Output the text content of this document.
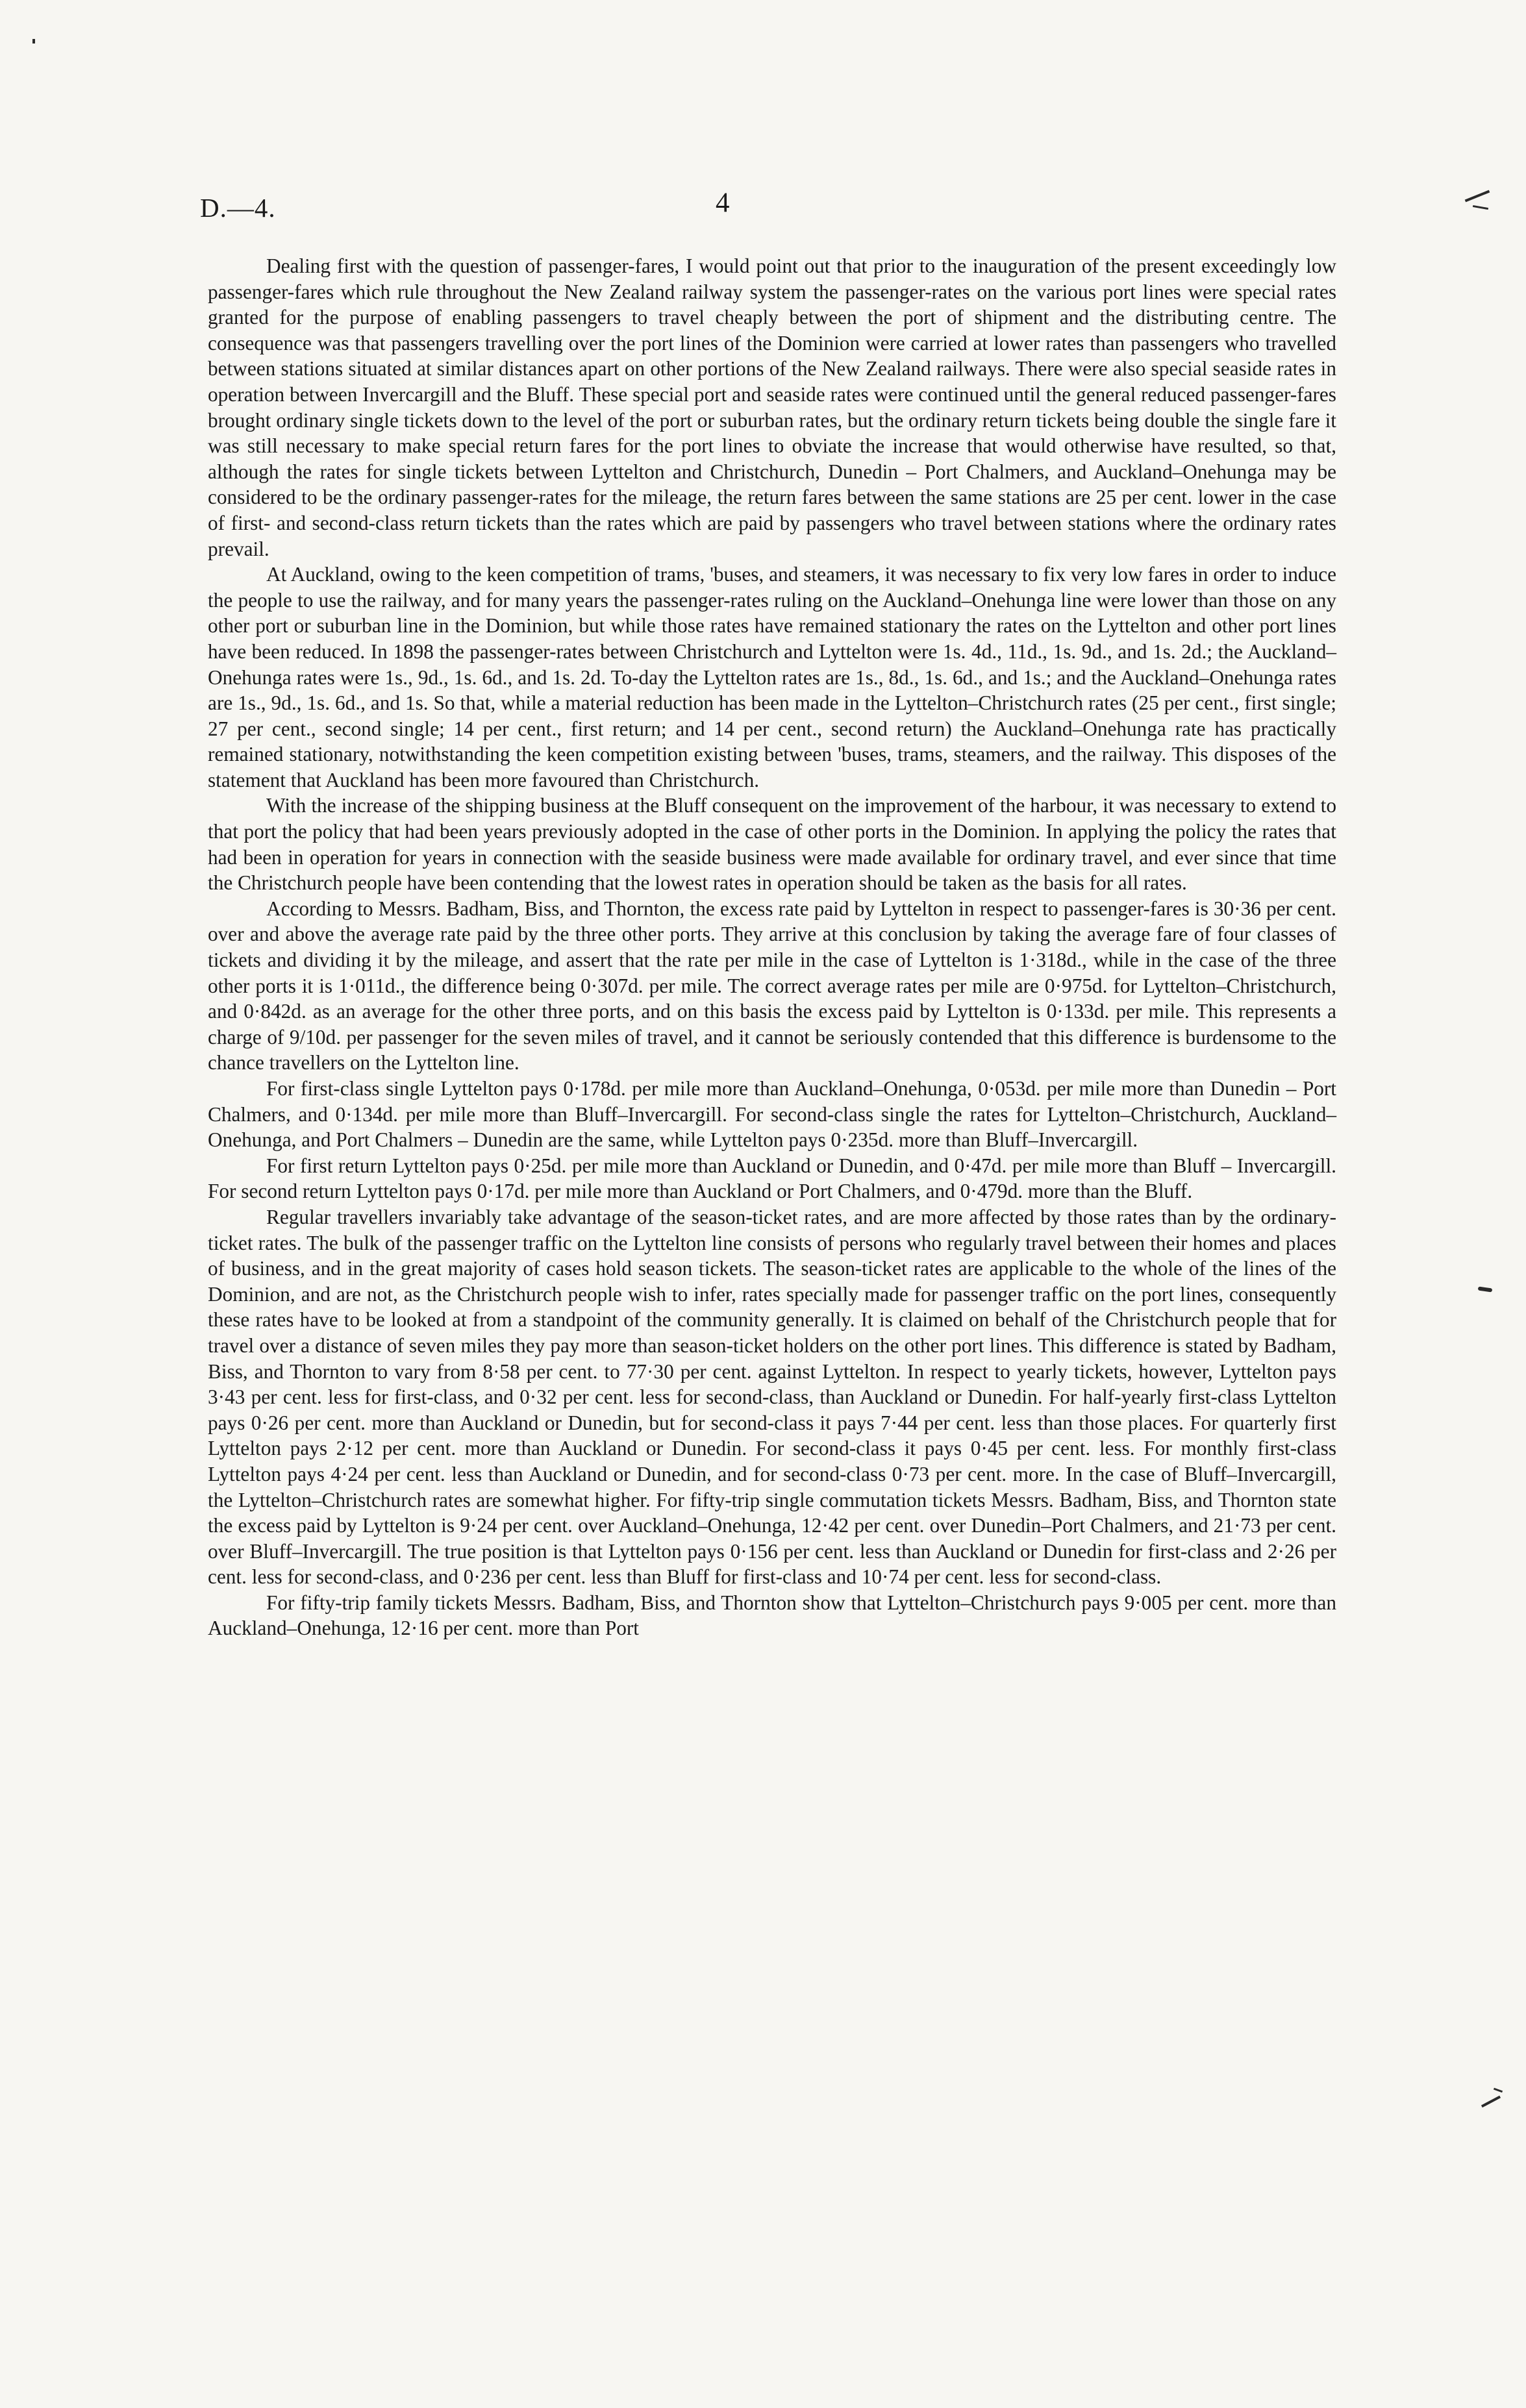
D.—4.	4

Dealing first with the question of passenger-fares, I would point out that prior to the inauguration of the present exceedingly low passenger-fares which rule throughout the New Zealand railway system the passenger-rates on the various port lines were special rates granted for the purpose of enabling passengers to travel cheaply between the port of shipment and the distributing centre. The consequence was that passengers travelling over the port lines of the Dominion were carried at lower rates than passengers who travelled between stations situated at similar distances apart on other portions of the New Zealand railways. There were also special seaside rates in operation between Invercargill and the Bluff. These special port and seaside rates were continued until the general reduced passenger-fares brought ordinary single tickets down to the level of the port or suburban rates, but the ordinary return tickets being double the single fare it was still necessary to make special return fares for the port lines to obviate the increase that would otherwise have resulted, so that, although the rates for single tickets between Lyttelton and Christchurch, Dunedin – Port Chalmers, and Auckland–Onehunga may be considered to be the ordinary passenger-rates for the mileage, the return fares between the same stations are 25 per cent. lower in the case of first- and second-class return tickets than the rates which are paid by passengers who travel between stations where the ordinary rates prevail.

At Auckland, owing to the keen competition of trams, 'buses, and steamers, it was necessary to fix very low fares in order to induce the people to use the railway, and for many years the passenger-rates ruling on the Auckland–Onehunga line were lower than those on any other port or suburban line in the Dominion, but while those rates have remained stationary the rates on the Lyttelton and other port lines have been reduced. In 1898 the passenger-rates between Christchurch and Lyttelton were 1s. 4d., 11d., 1s. 9d., and 1s. 2d.; the Auckland–Onehunga rates were 1s., 9d., 1s. 6d., and 1s. 2d. To-day the Lyttelton rates are 1s., 8d., 1s. 6d., and 1s.; and the Auckland–Onehunga rates are 1s., 9d., 1s. 6d., and 1s. So that, while a material reduction has been made in the Lyttelton–Christchurch rates (25 per cent., first single; 27 per cent., second single; 14 per cent., first return; and 14 per cent., second return) the Auckland–Onehunga rate has practically remained stationary, notwithstanding the keen competition existing between 'buses, trams, steamers, and the railway. This disposes of the statement that Auckland has been more favoured than Christchurch.

With the increase of the shipping business at the Bluff consequent on the improvement of the harbour, it was necessary to extend to that port the policy that had been years previously adopted in the case of other ports in the Dominion. In applying the policy the rates that had been in operation for years in connection with the seaside business were made available for ordinary travel, and ever since that time the Christchurch people have been contending that the lowest rates in operation should be taken as the basis for all rates.

According to Messrs. Badham, Biss, and Thornton, the excess rate paid by Lyttelton in respect to passenger-fares is 30·36 per cent. over and above the average rate paid by the three other ports. They arrive at this conclusion by taking the average fare of four classes of tickets and dividing it by the mileage, and assert that the rate per mile in the case of Lyttelton is 1·318d., while in the case of the three other ports it is 1·011d., the difference being 0·307d. per mile. The correct average rates per mile are 0·975d. for Lyttelton–Christchurch, and 0·842d. as an average for the other three ports, and on this basis the excess paid by Lyttelton is 0·133d. per mile. This represents a charge of 9/10d. per passenger for the seven miles of travel, and it cannot be seriously contended that this difference is burdensome to the chance travellers on the Lyttelton line.

For first-class single Lyttelton pays 0·178d. per mile more than Auckland–Onehunga, 0·053d. per mile more than Dunedin – Port Chalmers, and 0·134d. per mile more than Bluff–Invercargill. For second-class single the rates for Lyttelton–Christchurch, Auckland–Onehunga, and Port Chalmers – Dunedin are the same, while Lyttelton pays 0·235d. more than Bluff–Invercargill.

For first return Lyttelton pays 0·25d. per mile more than Auckland or Dunedin, and 0·47d. per mile more than Bluff – Invercargill. For second return Lyttelton pays 0·17d. per mile more than Auckland or Port Chalmers, and 0·479d. more than the Bluff.

Regular travellers invariably take advantage of the season-ticket rates, and are more affected by those rates than by the ordinary-ticket rates. The bulk of the passenger traffic on the Lyttelton line consists of persons who regularly travel between their homes and places of business, and in the great majority of cases hold season tickets. The season-ticket rates are applicable to the whole of the lines of the Dominion, and are not, as the Christchurch people wish to infer, rates specially made for passenger traffic on the port lines, consequently these rates have to be looked at from a standpoint of the community generally. It is claimed on behalf of the Christchurch people that for travel over a distance of seven miles they pay more than season-ticket holders on the other port lines. This difference is stated by Badham, Biss, and Thornton to vary from 8·58 per cent. to 77·30 per cent. against Lyttelton. In respect to yearly tickets, however, Lyttelton pays 3·43 per cent. less for first-class, and 0·32 per cent. less for second-class, than Auckland or Dunedin. For half-yearly first-class Lyttelton pays 0·26 per cent. more than Auckland or Dunedin, but for second-class it pays 7·44 per cent. less than those places. For quarterly first Lyttelton pays 2·12 per cent. more than Auckland or Dunedin. For second-class it pays 0·45 per cent. less. For monthly first-class Lyttelton pays 4·24 per cent. less than Auckland or Dunedin, and for second-class 0·73 per cent. more. In the case of Bluff–Invercargill, the Lyttelton–Christchurch rates are somewhat higher. For fifty-trip single commutation tickets Messrs. Badham, Biss, and Thornton state the excess paid by Lyttelton is 9·24 per cent. over Auckland–Onehunga, 12·42 per cent. over Dunedin–Port Chalmers, and 21·73 per cent. over Bluff–Invercargill. The true position is that Lyttelton pays 0·156 per cent. less than Auckland or Dunedin for first-class and 2·26 per cent. less for second-class, and 0·236 per cent. less than Bluff for first-class and 10·74 per cent. less for second-class.

For fifty-trip family tickets Messrs. Badham, Biss, and Thornton show that Lyttelton–Christchurch pays 9·005 per cent. more than Auckland–Onehunga, 12·16 per cent. more than Port
